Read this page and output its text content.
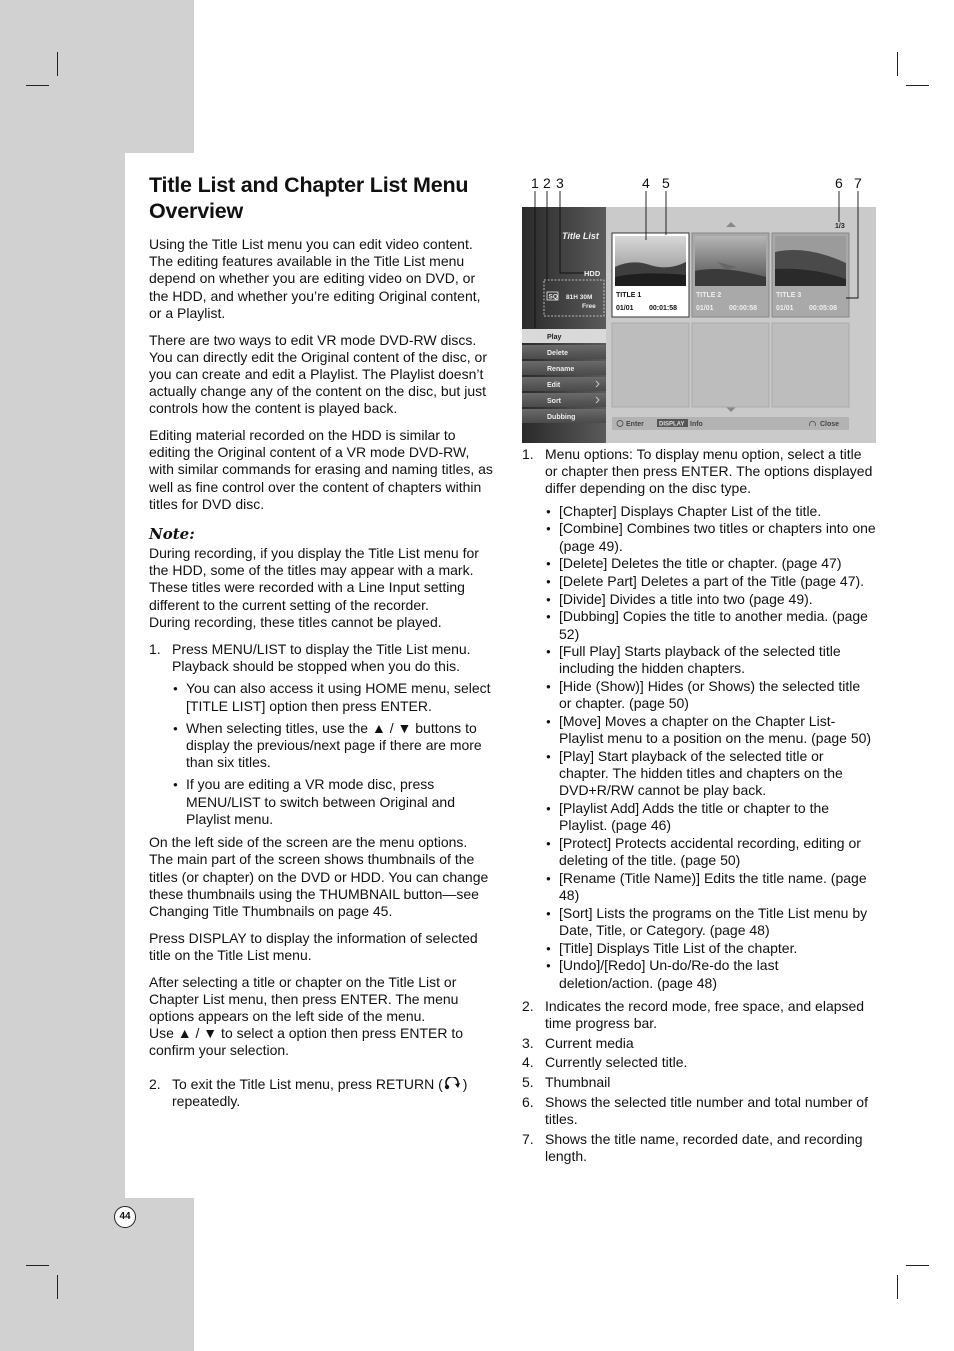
44
Title List and Chapter List Menu Overview

Using the Title List menu you can edit video content. The editing features available in the Title List menu depend on whether you are editing video on DVD, or the HDD, and whether you’re editing Original content, or a Playlist.

There are two ways to edit VR mode DVD-RW discs. You can directly edit the Original content of the disc, or you can create and edit a Playlist. The Playlist doesn’t actually change any of the content on the disc, but just controls how the content is played back.

Editing material recorded on the HDD is similar to editing the Original content of a VR mode DVD-RW, with similar commands for erasing and naming titles, as well as fine control over the content of chapters within titles for DVD disc.

Note:

During recording, if you display the Title List menu for the HDD, some of the titles may appear with a mark. These titles were recorded with a Line Input setting different to the current setting of the recorder.
During recording, these titles cannot be played.

1. Press MENU/LIST to display the Title List menu. Playback should be stopped when you do this.
● You can also access it using HOME menu, select [TITLE LIST] option then press ENTER.
● When selecting titles, use the ▲ / ▼ buttons to display the previous/next page if there are more than six titles.
● If you are editing a VR mode disc, press MENU/LIST to switch between Original and Playlist menu.

On the left side of the screen are the menu options. The main part of the screen shows thumbnails of the titles (or chapter) on the DVD or HDD. You can change these thumbnails using the THUMBNAIL button—see Changing Title Thumbnails on page 45.

Press DISPLAY to display the information of selected title on the Title List menu.

After selecting a title or chapter on the Title List or Chapter List menu, then press ENTER. The menu options appears on the left side of the menu.
Use ▲ / ▼ to select a option then press ENTER to confirm your selection.

2. To exit the Title List menu, press RETURN ( ) repeatedly.
1 2 3	4 5	6 7
Title List
HDD
SQ 81H 30M
Free
Play
Delete
Rename
Edit
Sort
Dubbing
1/3
TITLE 1
01/01 00:01:58
TITLE 2
01/01 00:00:58
TITLE 3
01/01 00:05:08
Enter	DISPLAY Info	Close
1. Menu options: To display menu option, select a title or chapter then press ENTER. The options displayed differ depending on the disc type.
● [Chapter] Displays Chapter List of the title.
● [Combine] Combines two titles or chapters into one (page 49).
● [Delete] Deletes the title or chapter. (page 47)
● [Delete Part] Deletes a part of the Title (page 47).
● [Divide] Divides a title into two (page 49).
● [Dubbing] Copies the title to another media. (page 52)
● [Full Play] Starts playback of the selected title including the hidden chapters.
● [Hide (Show)] Hides (or Shows) the selected title or chapter. (page 50)
● [Move] Moves a chapter on the Chapter List-Playlist menu to a position on the menu. (page 50)
● [Play] Start playback of the selected title or chapter. The hidden titles and chapters on the DVD+R/RW cannot be play back.
● [Playlist Add] Adds the title or chapter to the Playlist. (page 46)
● [Protect] Protects accidental recording, editing or deleting of the title. (page 50)
● [Rename (Title Name)] Edits the title name. (page 48)
● [Sort] Lists the programs on the Title List menu by Date, Title, or Category. (page 48)
● [Title] Displays Title List of the chapter.
● [Undo]/[Redo] Un-do/Re-do the last deletion/action. (page 48)
2. Indicates the record mode, free space, and elapsed time progress bar.
3. Current media
4. Currently selected title.
5. Thumbnail
6. Shows the selected title number and total number of titles.
7. Shows the title name, recorded date, and recording length.
